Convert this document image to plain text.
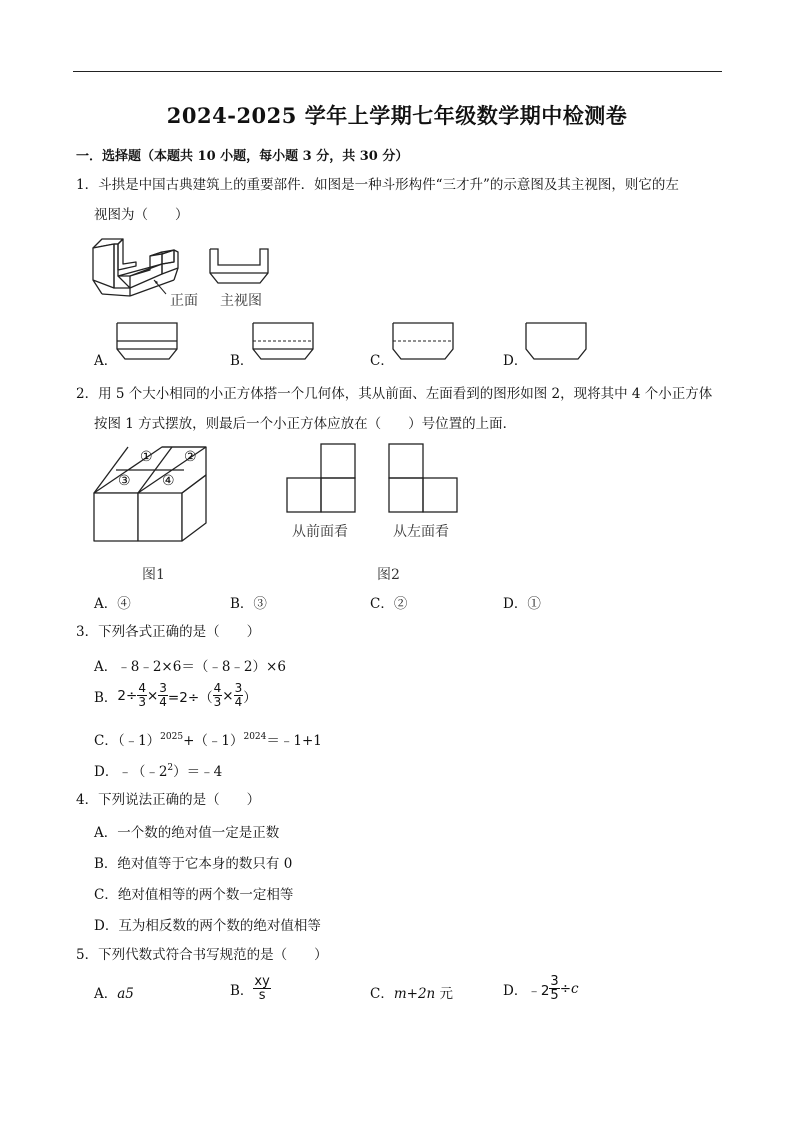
2024-2025 学年上学期七年级数学期中检测卷
一．选择题（本题共 10 小题，每小题 3 分，共 30 分）
1．斗拱是中国古典建筑上的重要部件．如图是一种斗形构件“三才升”的示意图及其主视图，则它的左
视图为（　　）
正面 主视图
A．	B．	C．	D．
2．用 5 个大小相同的小正方体搭一个几何体，其从前面、左面看到的图形如图 2，现将其中 4 个小正方体
按图 1 方式摆放，则最后一个小正方体应放在（　　）号位置的上面．
① ②
③ ④
从前面看	从左面看
图1	图2
A．④	B．③	C．②	D．①
3．下列各式正确的是（　　）
A．﹣8﹣2×6＝（﹣8﹣2）×6
B． $2\div \frac{4}{3} \times \frac{3}{4} =2\div( \frac{4}{3} \times \frac{3}{4}$ ）
C．（﹣1）$^{2025}$+（﹣1）$^{2024}$＝﹣1+1
D．$﹣(﹣2^2)=﹣4$
4．下列说法正确的是（　　）
A．一个数的绝对值一定是正数
B．绝对值等于它本身的数只有 0
C．绝对值相等的两个数一定相等
D．互为相反数的两个数的绝对值相等
5．下列代数式符合书写规范的是（　　）
A．a5	B． $\frac{xy}{s}$	C．m+2n 元	D． ﹣2 $\frac{3}{5} \div c$
